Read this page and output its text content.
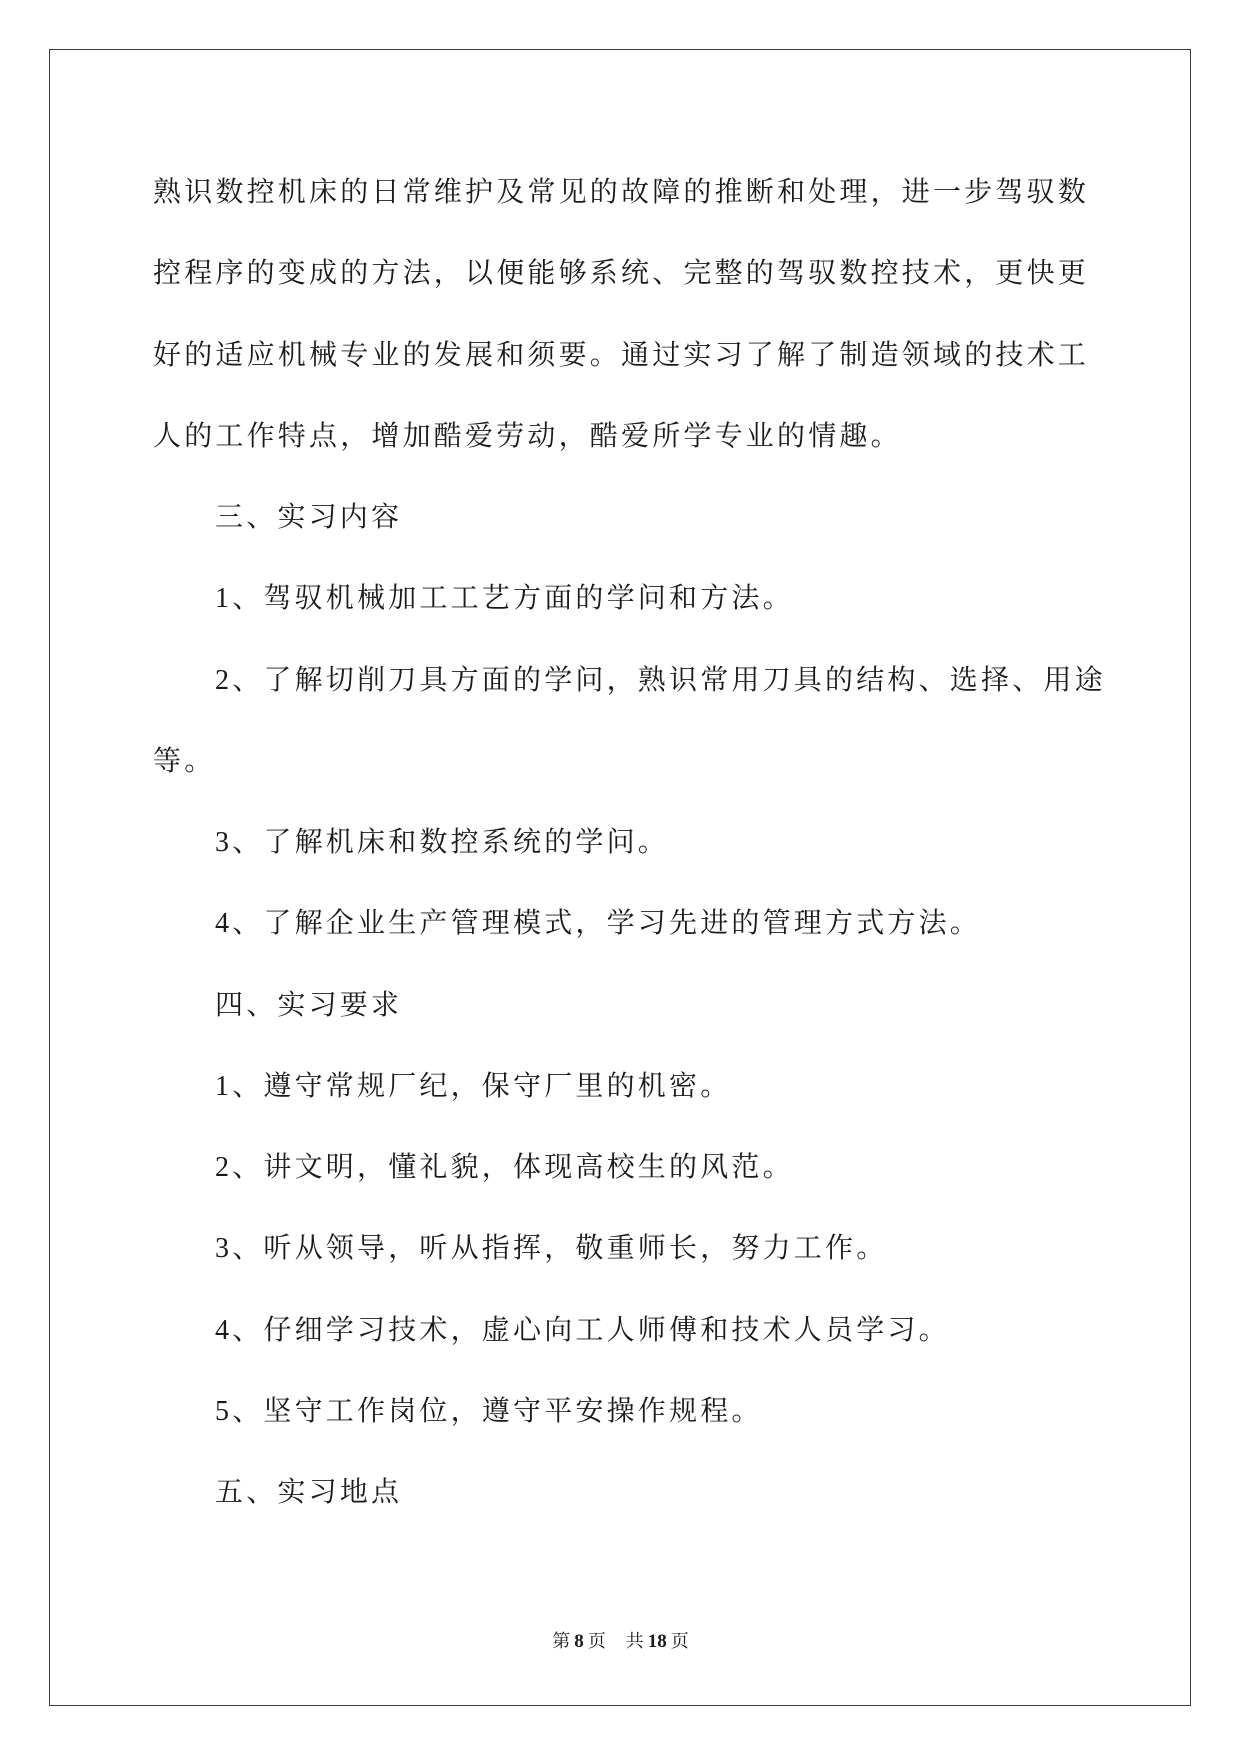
熟识数控机床的日常维护及常见的故障的推断和处理，进一步驾驭数
控程序的变成的方法，以便能够系统、完整的驾驭数控技术，更快更
好的适应机械专业的发展和须要。通过实习了解了制造领域的技术工
人的工作特点，增加酷爱劳动，酷爱所学专业的情趣。
三、实习内容
1、驾驭机械加工工艺方面的学问和方法。
2、了解切削刀具方面的学问，熟识常用刀具的结构、选择、用途
等。
3、了解机床和数控系统的学问。
4、了解企业生产管理模式，学习先进的管理方式方法。
四、实习要求
1、遵守常规厂纪，保守厂里的机密。
2、讲文明，懂礼貌，体现高校生的风范。
3、听从领导，听从指挥，敬重师长，努力工作。
4、仔细学习技术，虚心向工人师傅和技术人员学习。
5、坚守工作岗位，遵守平安操作规程。
五、实习地点
第 8 页 共 18 页
